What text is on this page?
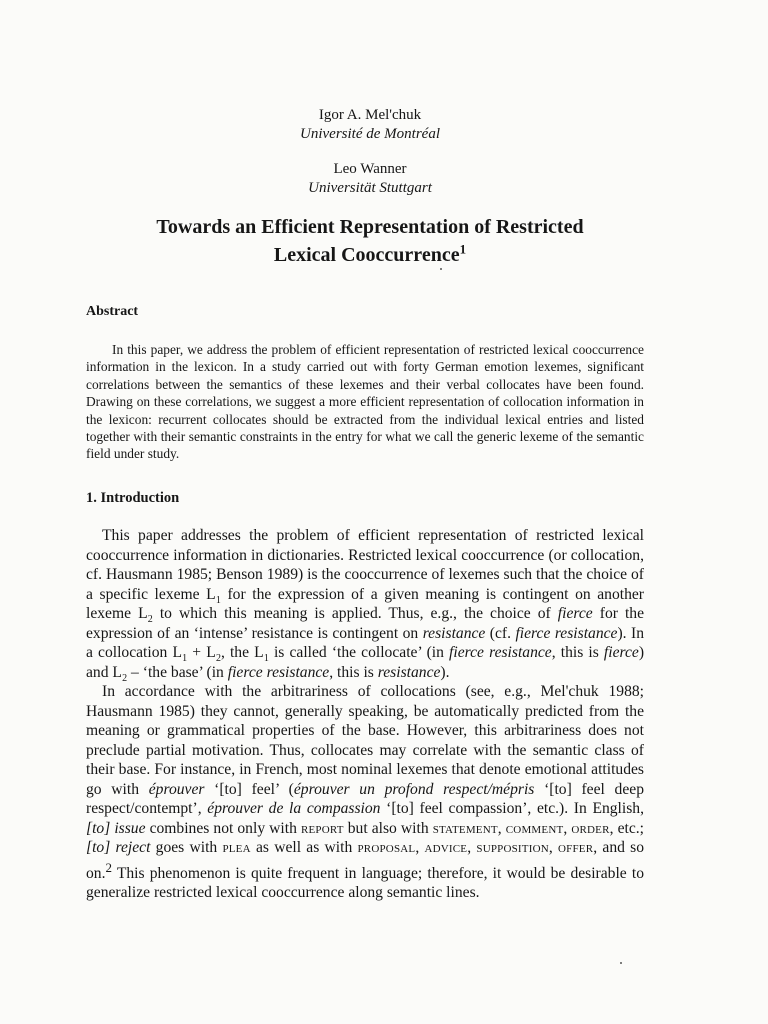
Igor A. Mel'chuk
Université de Montréal
Leo Wanner
Universität Stuttgart
Towards an Efficient Representation of Restricted
Lexical Cooccurrence$^1$
Abstract

In this paper, we address the problem of efficient representation of restricted lexical cooccurrence information in the lexicon. In a study carried out with forty German emotion lexemes, significant correlations between the semantics of these lexemes and their verbal collocates have been found. Drawing on these correlations, we suggest a more efficient representation of collocation information in the lexicon: recurrent collocates should be extracted from the individual lexical entries and listed together with their semantic constraints in the entry for what we call the generic lexeme of the semantic field under study.

1. Introduction

This paper addresses the problem of efficient representation of restricted lexical cooccurrence information in dictionaries. Restricted lexical cooccurrence (or collocation, cf. Hausmann 1985; Benson 1989) is the cooccurrence of lexemes such that the choice of a specific lexeme $L_1$ for the expression of a given meaning is contingent on another lexeme $L_2$ to which this meaning is applied. Thus, e.g., the choice of fierce for the expression of an ‘intense’ resistance is contingent on resistance (cf. fierce resistance). In a collocation $L_1 + L_2$, the $L_1$ is called ‘the collocate’ (in fierce resistance, this is fierce) and $L_2$ – ‘the base’ (in fierce resistance, this is resistance).

In accordance with the arbitrariness of collocations (see, e.g., Mel'chuk 1988; Hausmann 1985) they cannot, generally speaking, be automatically predicted from the meaning or grammatical properties of the base. However, this arbitrariness does not preclude partial motivation. Thus, collocates may correlate with the semantic class of their base. For instance, in French, most nominal lexemes that denote emotional attitudes go with éprouver ‘[to] feel’ (éprouver un profond respect/mépris ‘[to] feel deep respect/contempt’, éprouver de la compassion ‘[to] feel compassion’, etc.). In English, [to] issue combines not only with report but also with statement, comment, order, etc.; [to] reject goes with plea as well as with proposal, advice, supposition, offer, and so on.$^2$ This phenomenon is quite frequent in language; therefore, it would be desirable to generalize restricted lexical cooccurrence along semantic lines.
